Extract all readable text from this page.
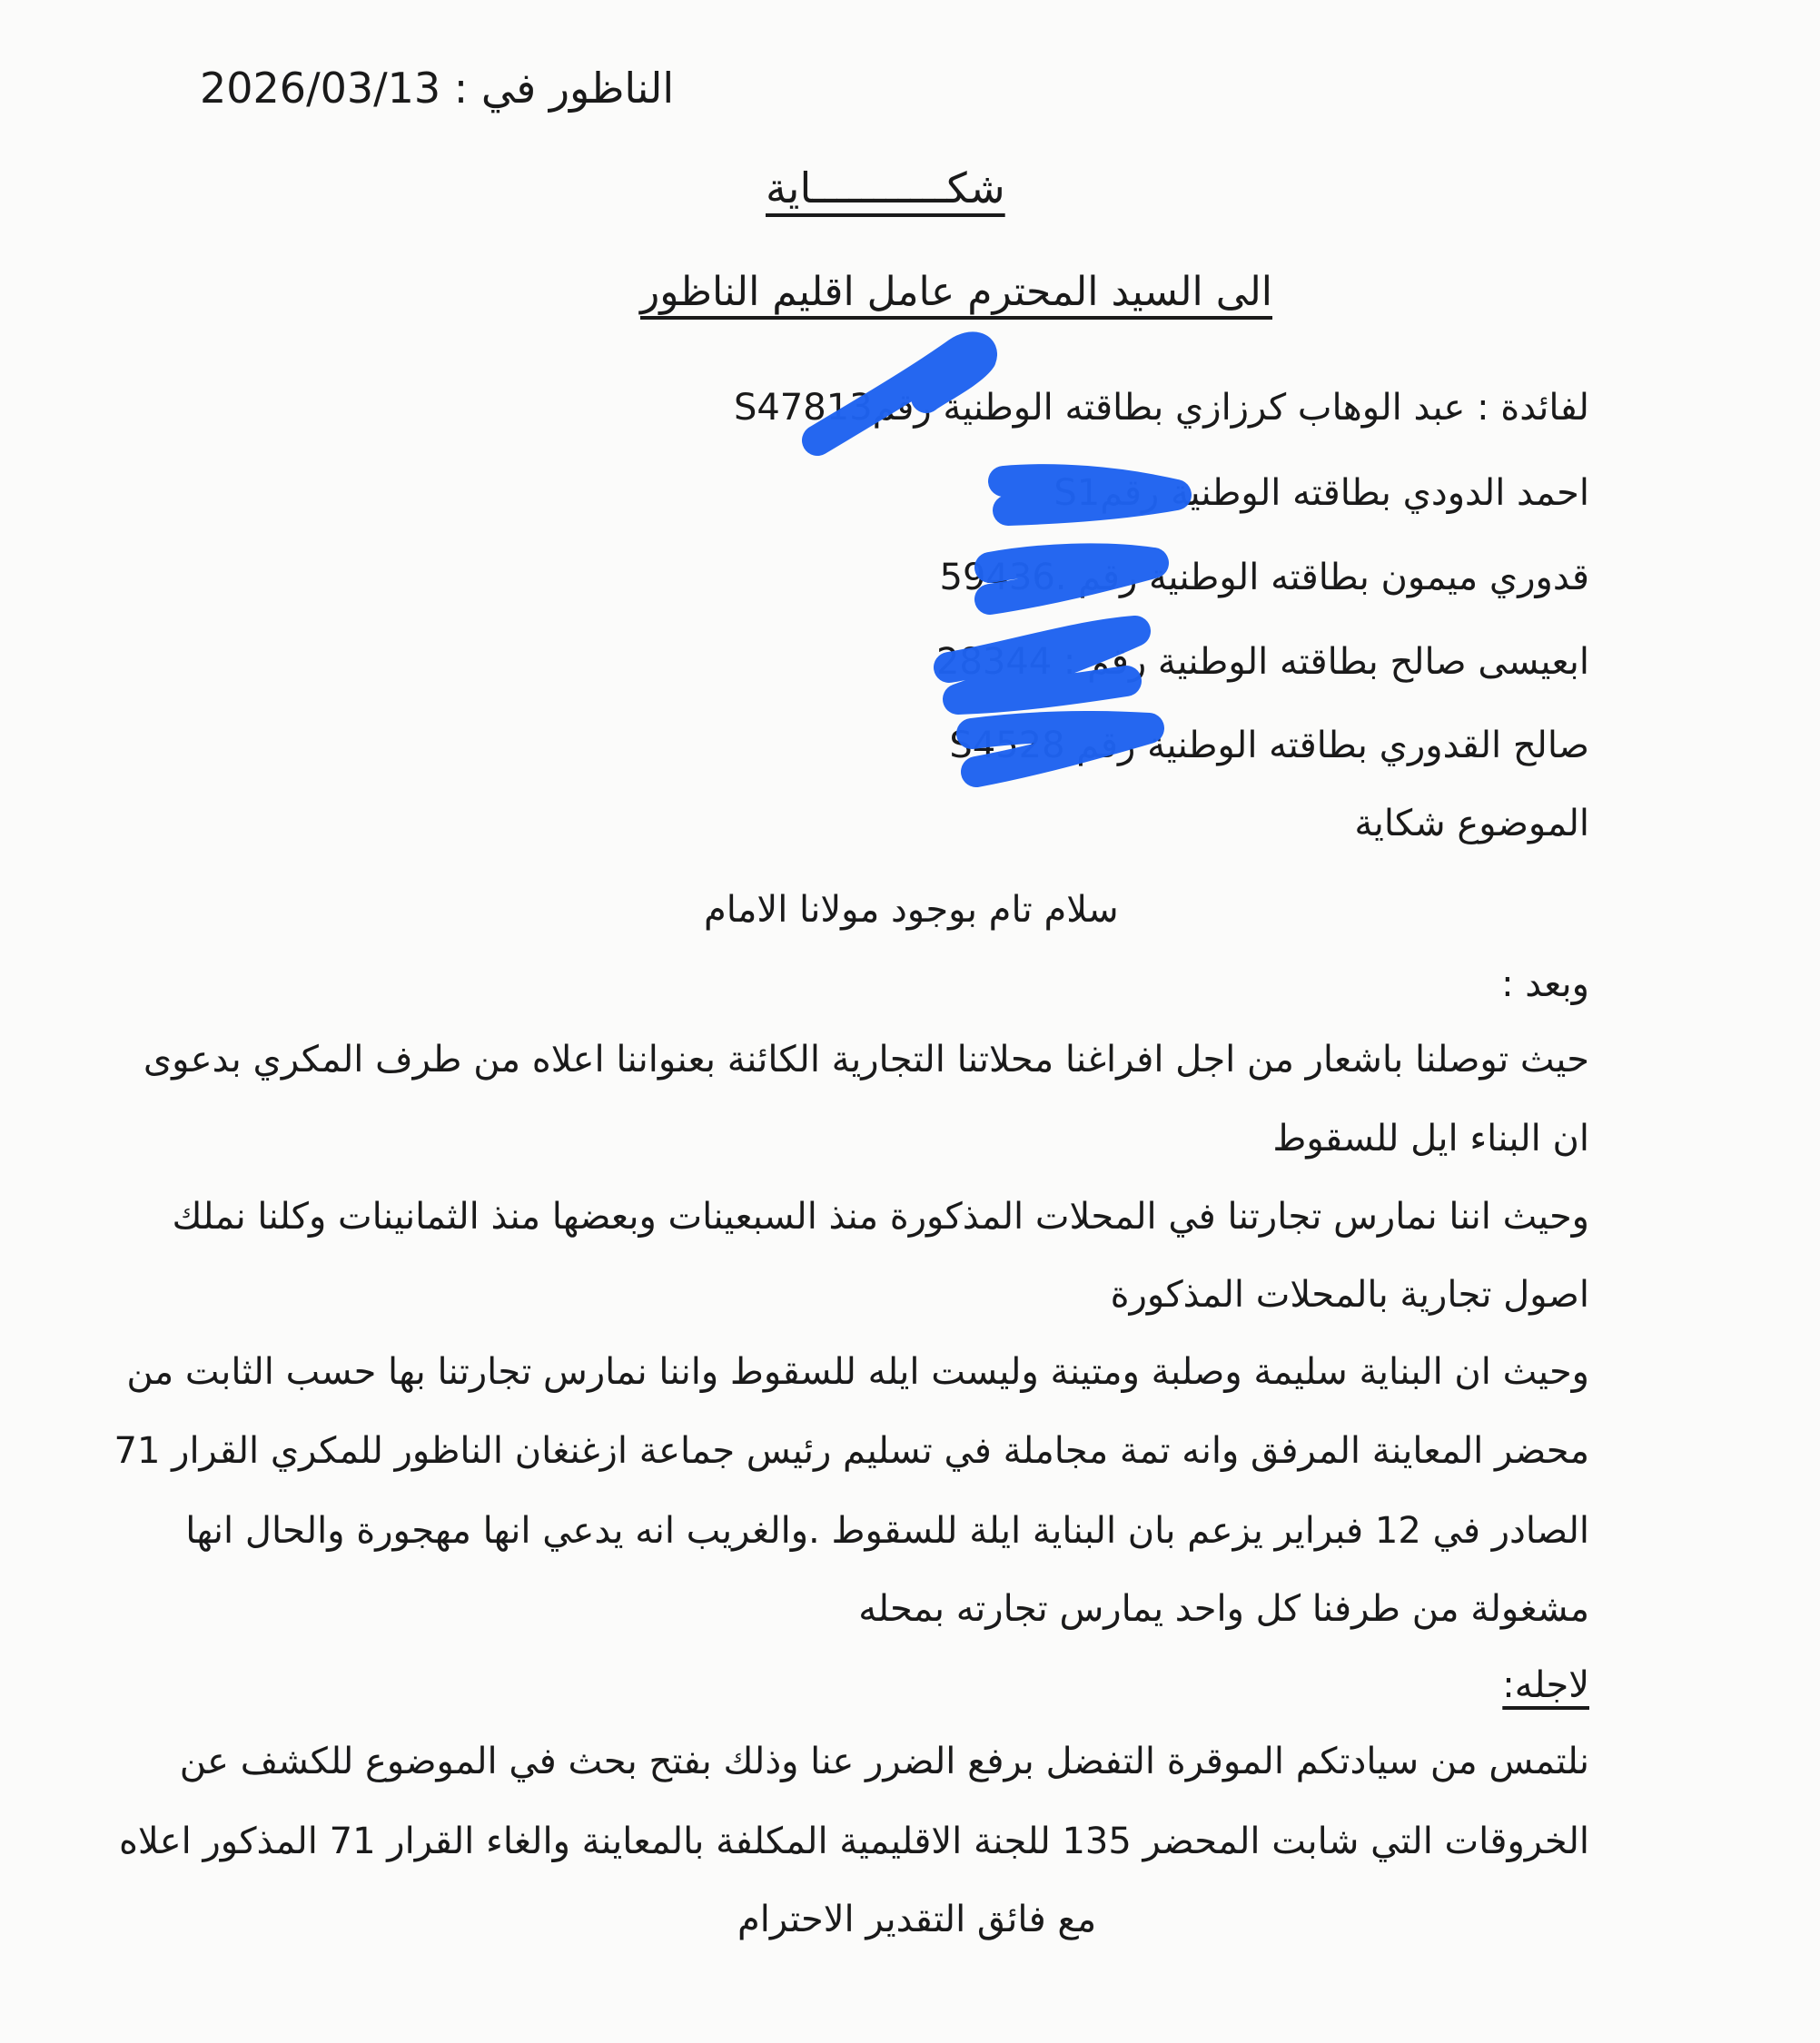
الناظور في : 2026/03/13
شكـــــــــــاية
الى السيد المحترم عامل اقليم الناظور
لفائدة : عبد الوهاب كرزازي بطاقته الوطنية رقمS47813
احمد الدودي بطاقته الوطنية رقمS1
قدوري ميمون بطاقته الوطنية رقم .59436
ابعيسى صالح بطاقته الوطنية رقم : 28344
صالح القدوري بطاقته الوطنية رقم S4528
الموضوع شكاية
سلام تام بوجود مولانا الامام
وبعد :
حيث توصلنا باشعار من اجل افراغنا محلاتنا التجارية الكائنة بعنواننا اعلاه من طرف المكري بدعوى
ان البناء ايل للسقوط
وحيث اننا نمارس تجارتنا في المحلات المذكورة منذ السبعينات وبعضها منذ الثمانينات وكلنا نملك
اصول تجارية بالمحلات المذكورة
وحيث ان البناية سليمة وصلبة ومتينة وليست ايله للسقوط واننا نمارس تجارتنا بها حسب الثابت من
محضر المعاينة المرفق وانه تمة مجاملة في تسليم رئيس جماعة ازغنغان الناظور للمكري القرار 71
الصادر في 12 فبراير يزعم بان البناية ايلة للسقوط .والغريب انه يدعي انها مهجورة والحال انها
مشغولة من طرفنا كل واحد يمارس تجارته بمحله
لاجله:
نلتمس من سيادتكم الموقرة التفضل برفع الضرر عنا وذلك بفتح بحث في الموضوع للكشف عن
الخروقات التي شابت المحضر 135 للجنة الاقليمية المكلفة بالمعاينة والغاء القرار 71 المذكور اعلاه
مع فائق التقدير الاحترام
